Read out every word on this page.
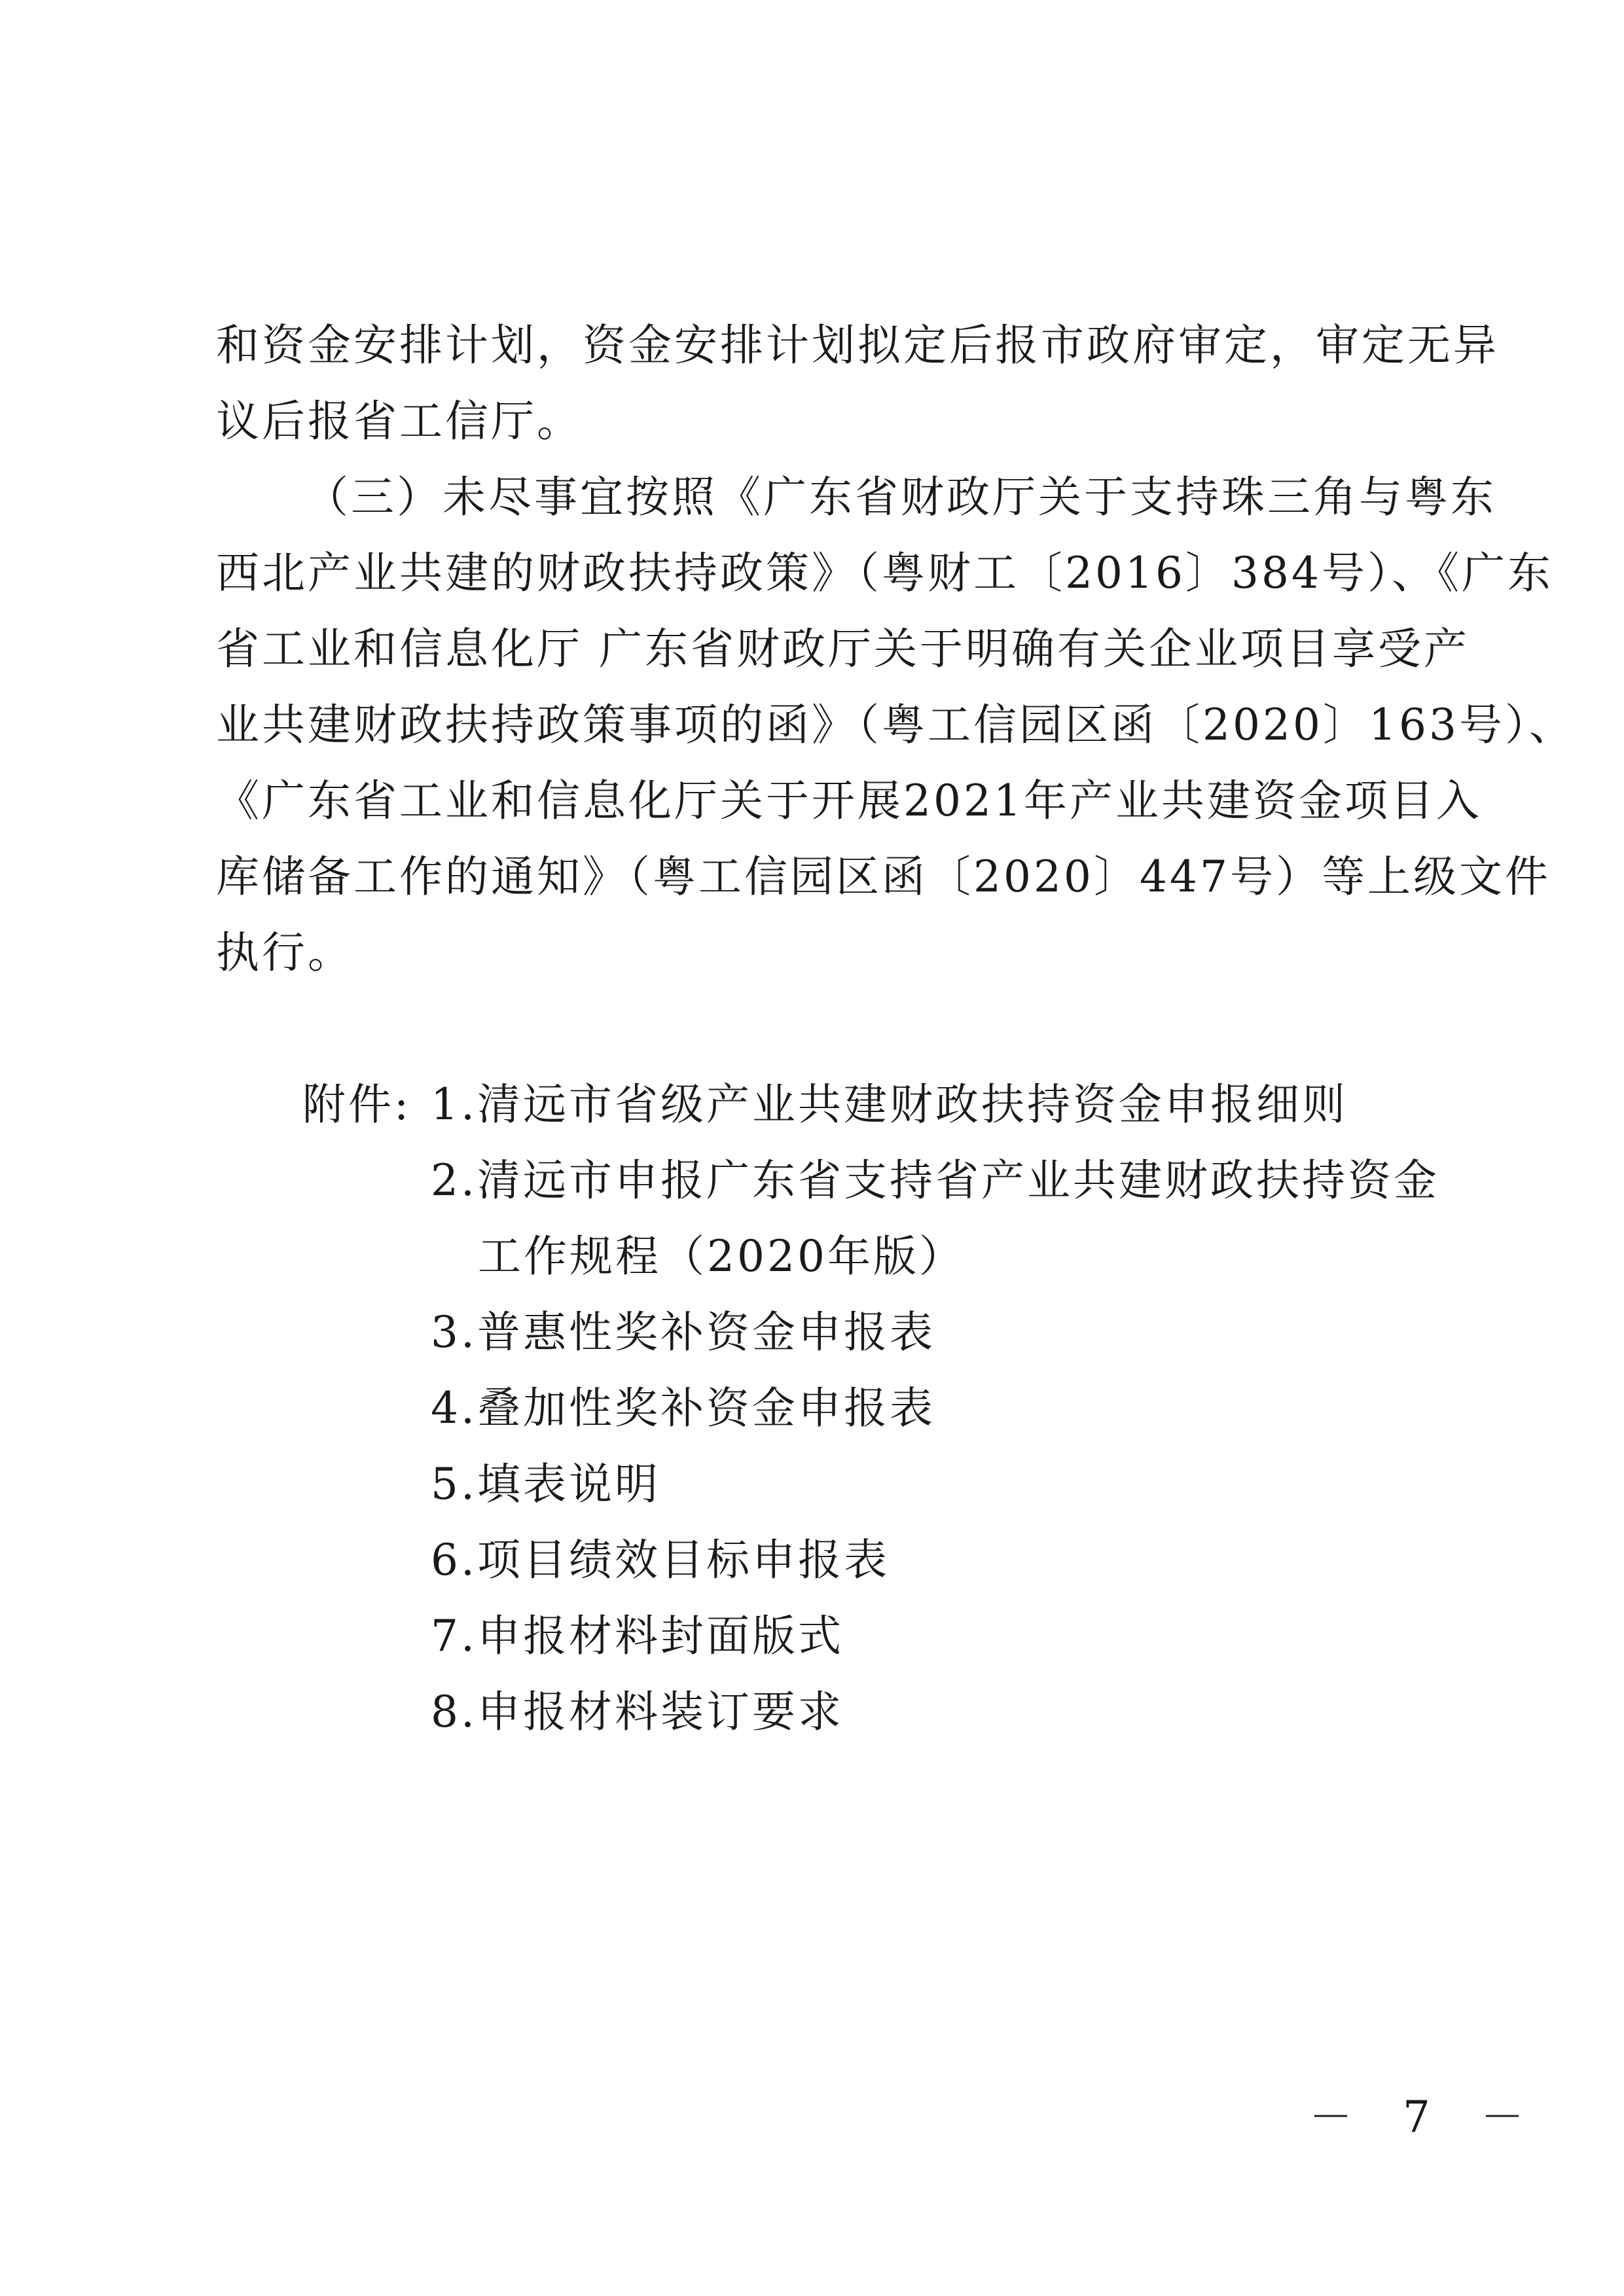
和资金安排计划，资金安排计划拟定后报市政府审定，审定无异
议后报省工信厅。
（三）未尽事宜按照《广东省财政厅关于支持珠三角与粤东
西北产业共建的财政扶持政策》（粤财工〔2016〕384号）、《广东
省工业和信息化厅 广东省财政厅关于明确有关企业项目享受产
业共建财政扶持政策事项的函》（粤工信园区函〔2020〕163号）、
《广东省工业和信息化厅关于开展2021年产业共建资金项目入
库储备工作的通知》（粤工信园区函〔2020〕447号）等上级文件
执行。
附件: 1.清远市省级产业共建财政扶持资金申报细则
2.清远市申报广东省支持省产业共建财政扶持资金
工作规程（2020年版）
3.普惠性奖补资金申报表
4.叠加性奖补资金申报表
5.填表说明
6.项目绩效目标申报表
7.申报材料封面版式
8.申报材料装订要求
－ 7 －
